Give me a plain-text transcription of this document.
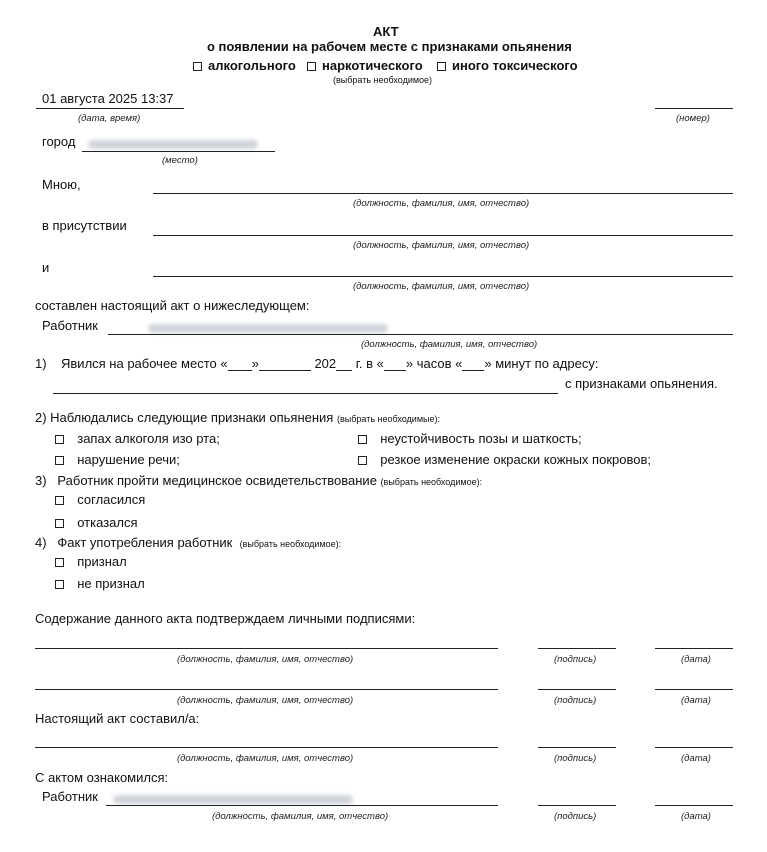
АКТ
о появлении на рабочем месте с признаками опьянения
алкогольного	наркотического	иного токсического
(выбрать необходимое)
01 августа 2025 13:37
(дата, время)	(номер)
город
(место)
Мною,
(должность, фамилия, имя, отчество)
в присутствии
(должность, фамилия, имя, отчество)
и
(должность, фамилия, имя, отчество)
составлен настоящий акт о нижеследующем:
Работник
(должность, фамилия, имя, отчество)
1) Явился на рабочее место « »	202 г. в « » часов « » минут по адресу:
с признаками опьянения.
2) Наблюдались следующие признаки опьянения (выбрать необходимые):
запах алкоголя изо рта;	неустойчивость позы и шаткость;
нарушение речи;	резкое изменение окраски кожных покровов;
3) Работник пройти медицинское освидетельствование (выбрать необходимое):
согласился
отказался
4) Факт употребления работник (выбрать необходимое):
признал
не признал
Содержание данного акта подтверждаем личными подписями:
(должность, фамилия, имя, отчество)	(подпись)	(дата)
(должность, фамилия, имя, отчество)	(подпись)	(дата)
Настоящий акт составил/а:
(должность, фамилия, имя, отчество)	(подпись)	(дата)
С актом ознакомился:
Работник
(должность, фамилия, имя, отчество)	(подпись)	(дата)
